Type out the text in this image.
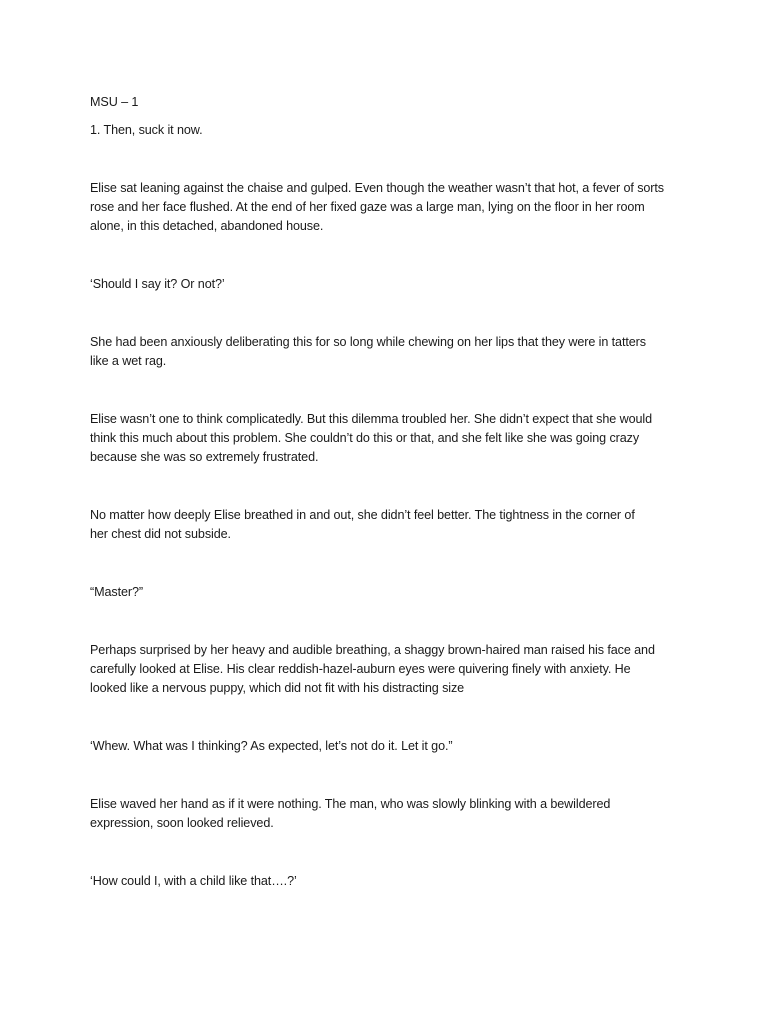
MSU – 1
1. Then, suck it now.
Elise sat leaning against the chaise and gulped. Even though the weather wasn’t that hot, a fever of sorts
rose and her face flushed. At the end of her fixed gaze was a large man, lying on the floor in her room
alone, in this detached, abandoned house.
‘Should I say it? Or not?’
She had been anxiously deliberating this for so long while chewing on her lips that they were in tatters
like a wet rag.
Elise wasn’t one to think complicatedly. But this dilemma troubled her. She didn’t expect that she would
think this much about this problem. She couldn’t do this or that, and she felt like she was going crazy
because she was so extremely frustrated.
No matter how deeply Elise breathed in and out, she didn’t feel better. The tightness in the corner of
her chest did not subside.
“Master?”
Perhaps surprised by her heavy and audible breathing, a shaggy brown-haired man raised his face and
carefully looked at Elise. His clear reddish-hazel-auburn eyes were quivering finely with anxiety. He
looked like a nervous puppy, which did not fit with his distracting size
‘Whew. What was I thinking? As expected, let’s not do it. Let it go.”
Elise waved her hand as if it were nothing. The man, who was slowly blinking with a bewildered
expression, soon looked relieved.
‘How could I, with a child like that….?’
